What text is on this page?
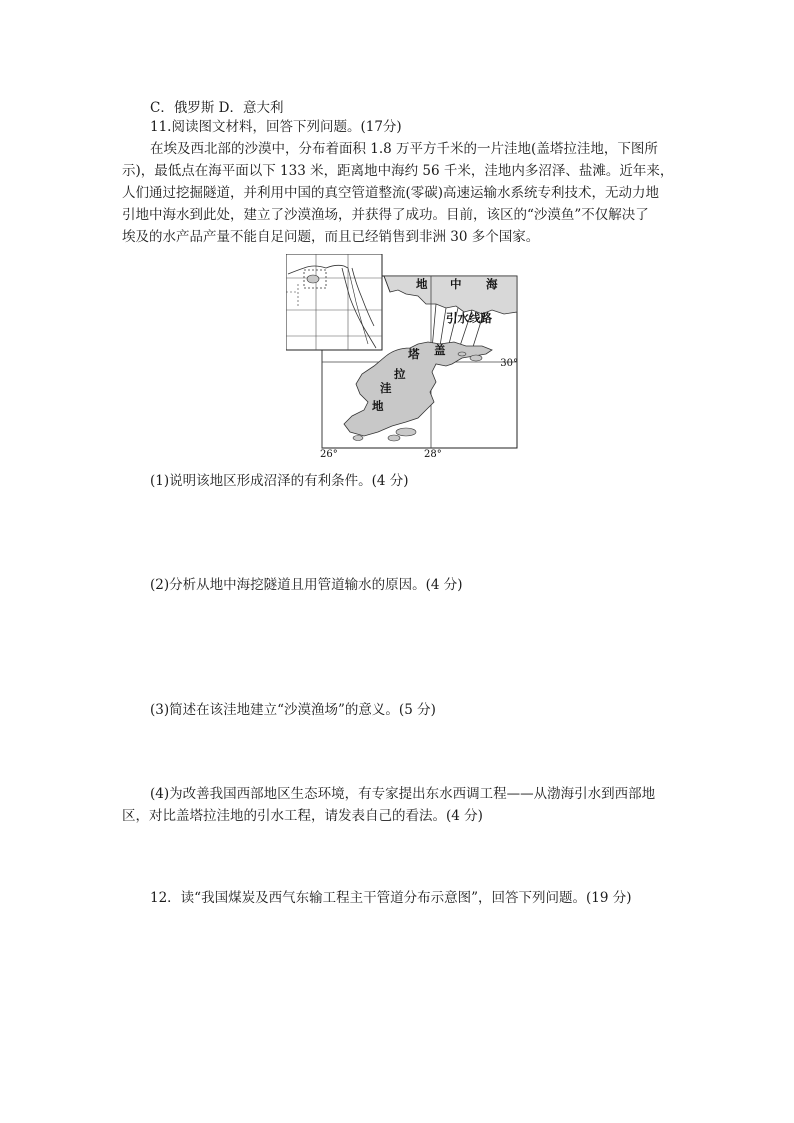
C．俄罗斯 D．意大利
11.阅读图文材料，回答下列问题。(17分)
在埃及西北部的沙漠中，分布着面积 1.8 万平方千米的一片洼地(盖塔拉洼地，下图所
示)，最低点在海平面以下 133 米，距离地中海约 56 千米，洼地内多沼泽、盐滩。近年来，
人们通过挖掘隧道，并利用中国的真空管道整流(零碳)高速运输水系统专利技术，无动力地
引地中海水到此处，建立了沙漠渔场，并获得了成功。目前，该区的“沙漠鱼”不仅解决了
埃及的水产品产量不能自足问题，而且已经销售到非洲 30 多个国家。
地 中 海
引水线路
塔 盖
拉
洼
地
30°
26°	28°
(1)说明该地区形成沼泽的有利条件。(4 分)
(2)分析从地中海挖隧道且用管道输水的原因。(4 分)
(3)简述在该洼地建立“沙漠渔场”的意义。(5 分)
(4)为改善我国西部地区生态环境，有专家提出东水西调工程——从渤海引水到西部地
区，对比盖塔拉洼地的引水工程，请发表自己的看法。(4 分)
12．读“我国煤炭及西气东输工程主干管道分布示意图”，回答下列问题。(19 分)
